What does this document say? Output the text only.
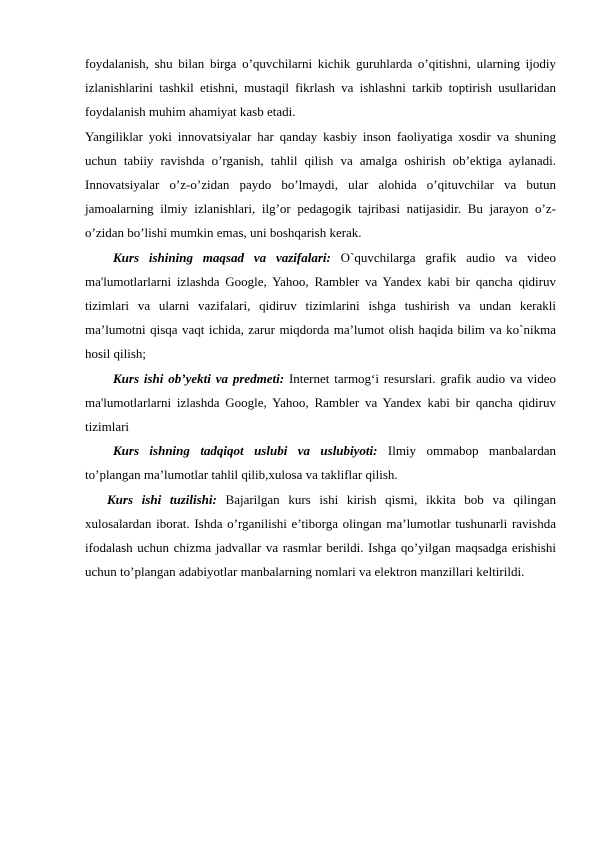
foydalanish, shu bilan birga o’quvchilarni kichik guruhlarda o’qitishni, ularning ijodiy izlanishlarini tashkil etishni, mustaqil fikrlash va ishlashni tarkib toptirish usullaridan foydalanish muhim ahamiyat kasb etadi.

Yangiliklar yoki innovatsiyalar har qanday kasbiy inson faoliyatiga xosdir va shuning uchun tabiiy ravishda o’rganish, tahlil qilish va amalga oshirish ob’ektiga aylanadi. Innovatsiyalar o’z-o’zidan paydo bo’lmaydi, ular alohida o’qituvchilar va butun jamoalarning ilmiy izlanishlari, ilg’or pedagogik tajribasi natijasidir. Bu jarayon o’z-o’zidan bo’lishi mumkin emas, uni boshqarish kerak.

Kurs ishining maqsad va vazifalari: O`quvchilarga grafik audio va video ma'lumotlarlarni izlashda Google, Yahoo, Rambler va Yandex kabi bir qancha qidiruv tizimlari va ularni vazifalari, qidiruv tizimlarini ishga tushirish va undan kerakli ma’lumotni qisqa vaqt ichida, zarur miqdorda ma’lumot olish haqida bilim va ko`nikma hosil qilish;

Kurs ishi ob’yekti va predmeti: Internet tarmog‘i resurslari. grafik audio va video ma'lumotlarlarni izlashda Google, Yahoo, Rambler va Yandex kabi bir qancha qidiruv tizimlari

Kurs ishning tadqiqot uslubi va uslubiyoti: Ilmiy ommabop manbalardan to’plangan ma’lumotlar tahlil qilib,xulosa va takliflar qilish.

Kurs ishi tuzilishi: Bajarilgan kurs ishi kirish qismi, ikkita bob va qilingan xulosalardan iborat. Ishda o’rganilishi e’tiborga olingan ma’lumotlar tushunarli ravishda ifodalash uchun chizma jadvallar va rasmlar berildi. Ishga qo’yilgan maqsadga erishishi uchun to’plangan adabiyotlar manbalarning nomlari va elektron manzillari keltirildi.
